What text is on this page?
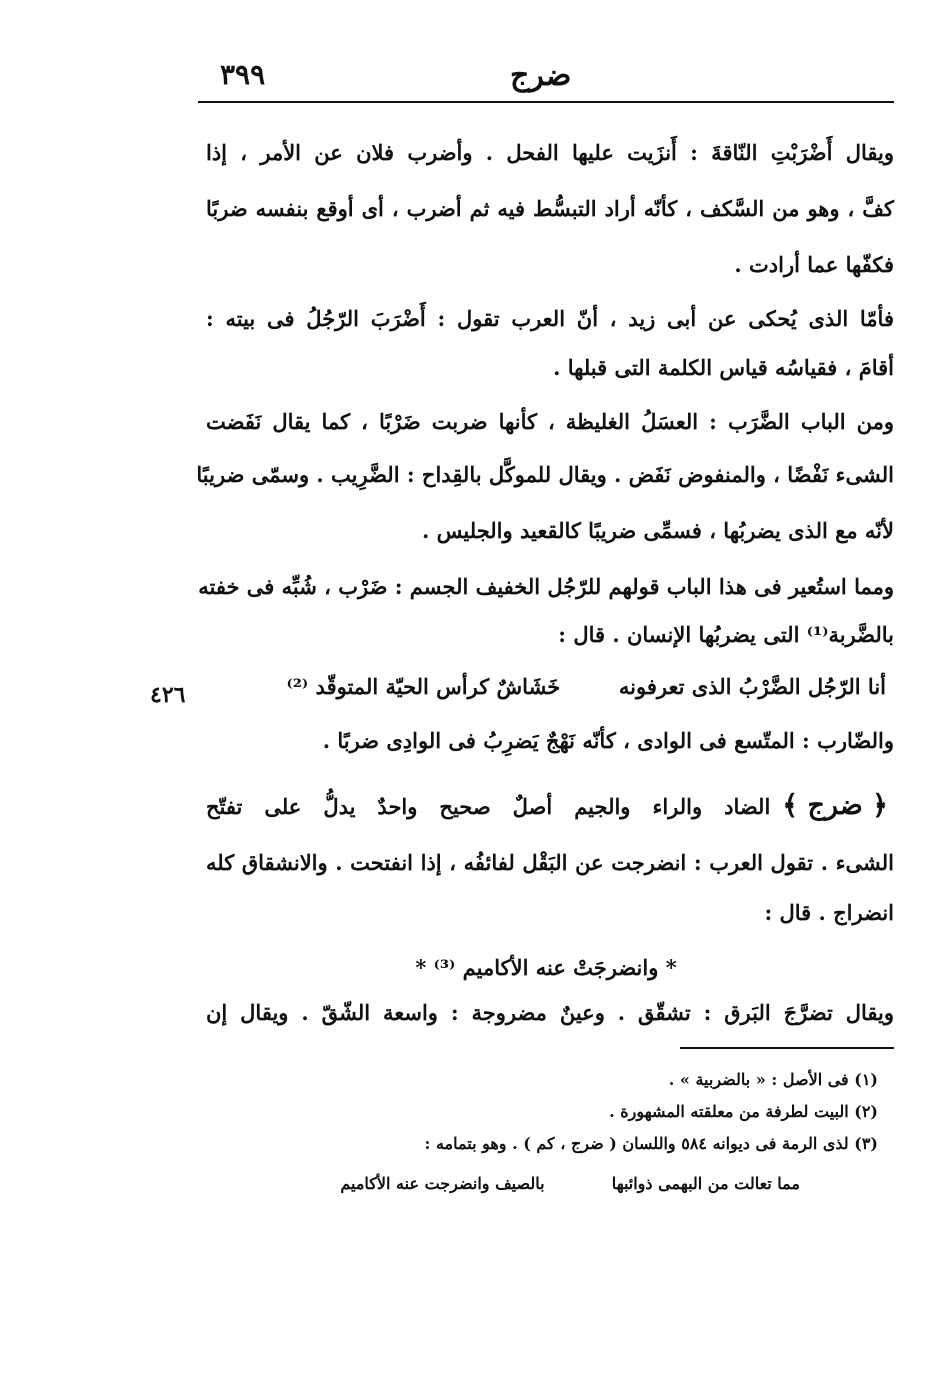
٣٩٩	ضرج
٤٢٦
ويقال أَضْرَبْتِ النّاقةَ : أَنزَيت عليها الفحل . وأضرب فلان عن الأمر ، إذا
كفَّ ، وهو من السَّكف ، كأنّه أراد التبسُّط فيه ثم أضرب ، أى أوقع بنفسه ضربًا
فكفّها عما أرادت .
فأمّا الذى يُحكى عن أبى زيد ، أنّ العرب تقول : أَضْرَبَ الرّجُلُ فى بيته :
أقامَ ، فقياسُه قياس الكلمة التى قبلها .
ومن الباب الضَّرَب : العسَلُ الغليظة ، كأنها ضربت ضَرْبًا ، كما يقال نَفَضت
الشىء نَفْضًا ، والمنفوض نَفَض . ويقال للموكَّل بالقِداح : الضَّرِيب . وسمّى ضريبًا
لأنّه مع الذى يضربُها ، فسمِّى ضريبًا كالقعيد والجليس .
ومما استُعير فى هذا الباب قولهم للرّجُل الخفيف الجسم : ضَرْب ، شُبِّه فى خفته
بالضَّربة⁽¹⁾ التى يضربُها الإنسان . قال :
أنا الرّجُل الضَّرْبُ الذى تعرفونه  خَشَاشٌ كرأس الحيّة المتوقّد ⁽²⁾
والضّارب : المتّسع فى الوادى ، كأنّه نَهْجٌ يَضرِبُ فى الوادِى ضربًا .
﴿ ضرج ﴾الضاد والراء والجيم أصلٌ صحيح واحدٌ يدلُّ على تفتّح
الشىء . تقول العرب : انضرجت عن البَقْل لفائفُه ، إذا انفتحت . والانشقاق كله
انضراج . قال :
* وانضرجَتْ عنه الأكاميم ⁽³⁾ *
ويقال تضرَّجَ البَرق : تشقّق . وعينٌ مضروجة : واسعة الشّقّ . ويقال إن
(١) فى الأصل : « بالضربية » .
(٢) البيت لطرفة من معلقته المشهورة .
(٣) لذى الرمة فى ديوانه ٥٨٤ واللسان ( ضرج ، كم ) . وهو بتمامه :
مما تعالت من البهمى ذوائبها  بالصيف وانضرجت عنه الأكاميم
